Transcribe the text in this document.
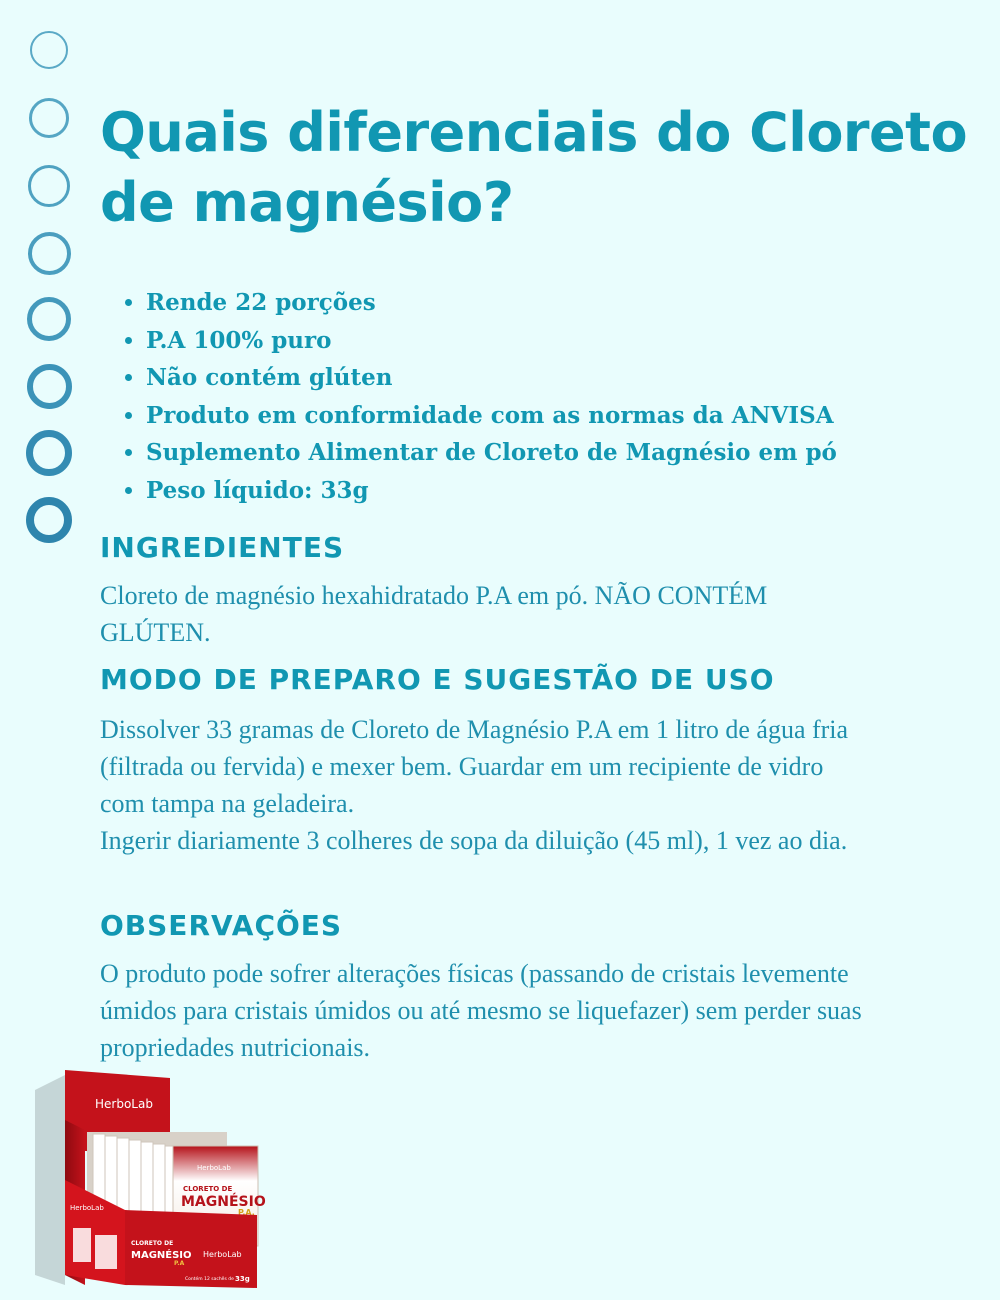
Quais diferenciais do Cloreto de magnésio?
• Rende 22 porções
• P.A 100% puro
• Não contém glúten
• Produto em conformidade com as normas da ANVISA
• Suplemento Alimentar de Cloreto de Magnésio em pó
• Peso líquido: 33g
INGREDIENTES

Cloreto de magnésio hexahidratado P.A em pó. NÃO CONTÉM GLÚTEN.

MODO DE PREPARO E SUGESTÃO DE USO

Dissolver 33 gramas de Cloreto de Magnésio P.A em 1 litro de água fria (filtrada ou fervida) e mexer bem. Guardar em um recipiente de vidro com tampa na geladeira.

Ingerir diariamente 3 colheres de sopa da diluição (45 ml), 1 vez ao dia.

OBSERVAÇÕES

O produto pode sofrer alterações físicas (passando de cristais levemente úmidos para cristais úmidos ou até mesmo se liquefazer) sem perder suas propriedades nutricionais.

HerboLab
HerboLab
CLORETO DE
MAGNÉSIO
P.A.
HerboLab
CLORETO DE
MAGNÉSIO
P.A
HerboLab
Contém 12 sachês de 33g
